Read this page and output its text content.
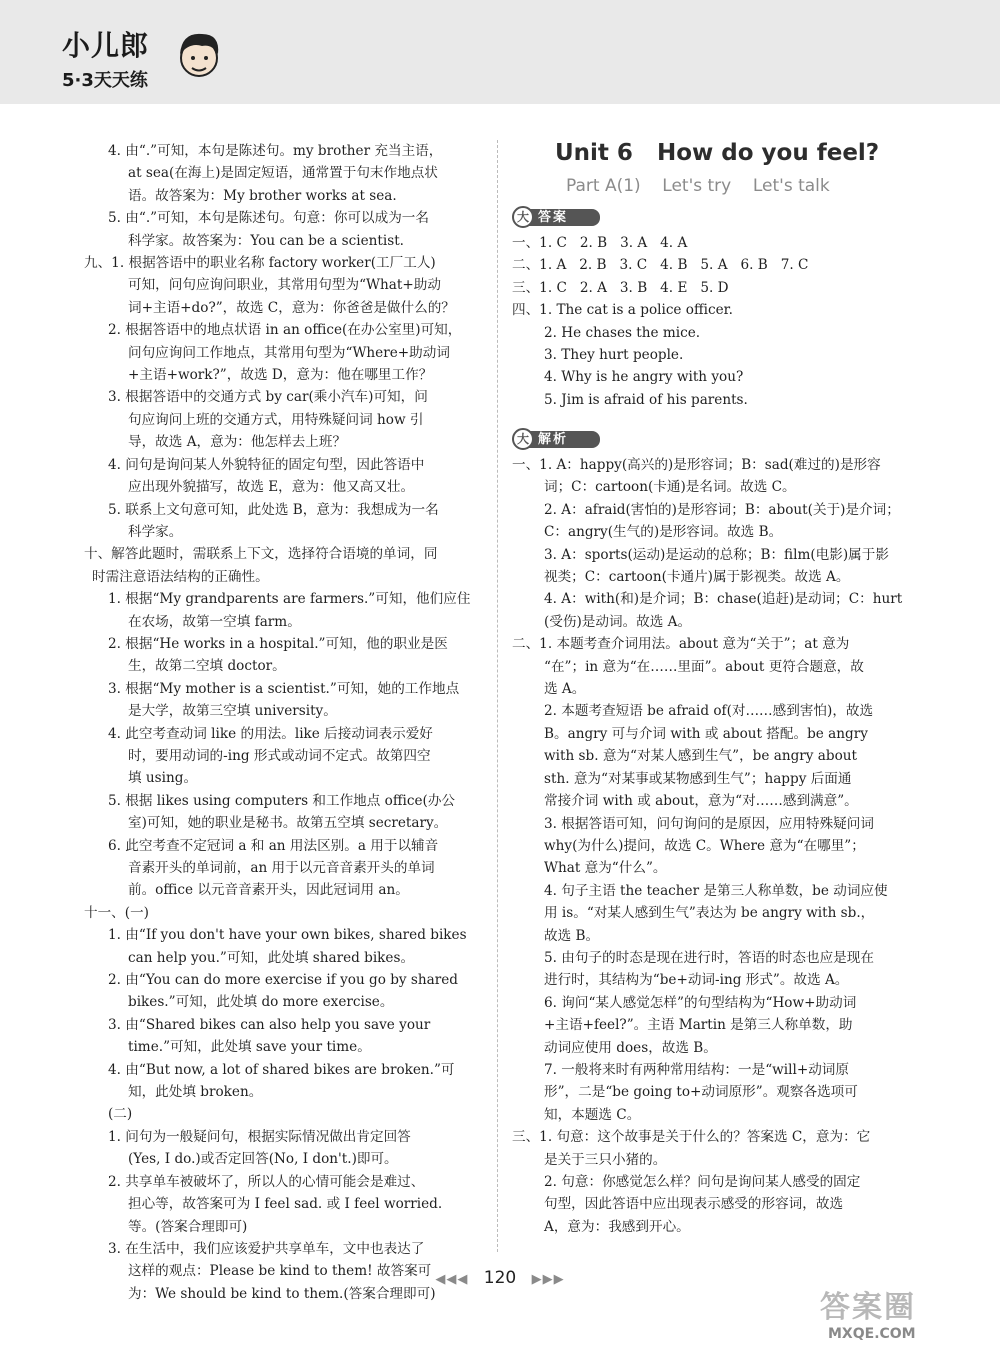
小儿郎
5·3天天练

4. 由“.”可知，本句是陈述句。my brother 充当主语，

at sea(在海上)是固定短语，通常置于句末作地点状

语。故答案为：My brother works at sea.

5. 由“.”可知，本句是陈述句。句意：你可以成为一名

科学家。故答案为：You can be a scientist.

九、1. 根据答语中的职业名称 factory worker(工厂工人)

可知，问句应询问职业，其常用句型为“What+助动

词+主语+do?”，故选 C，意为：你爸爸是做什么的？

2. 根据答语中的地点状语 in an office(在办公室里)可知，

问句应询问工作地点，其常用句型为“Where+助动词

+主语+work?”，故选 D，意为：他在哪里工作？

3. 根据答语中的交通方式 by car(乘小汽车)可知，问

句应询问上班的交通方式，用特殊疑问词 how 引

导，故选 A，意为：他怎样去上班？

4. 问句是询问某人外貌特征的固定句型，因此答语中

应出现外貌描写，故选 E，意为：他又高又壮。

5. 联系上文句意可知，此处选 B，意为：我想成为一名

科学家。

十、解答此题时，需联系上下文，选择符合语境的单词，同

时需注意语法结构的正确性。

1. 根据“My grandparents are farmers.”可知，他们应住

在农场，故第一空填 farm。

2. 根据“He works in a hospital.”可知，他的职业是医

生，故第二空填 doctor。

3. 根据“My mother is a scientist.”可知，她的工作地点

是大学，故第三空填 university。

4. 此空考查动词 like 的用法。like 后接动词表示爱好

时，要用动词的-ing 形式或动词不定式。故第四空

填 using。

5. 根据 likes using computers 和工作地点 office(办公

室)可知，她的职业是秘书。故第五空填 secretary。

6. 此空考查不定冠词 a 和 an 用法区别。a 用于以辅音

音素开头的单词前，an 用于以元音音素开头的单词

前。office 以元音音素开头，因此冠词用 an。

十一、(一)

1. 由“If you don't have your own bikes, shared bikes

can help you.”可知，此处填 shared bikes。

2. 由“You can do more exercise if you go by shared

bikes.”可知，此处填 do more exercise。

3. 由“Shared bikes can also help you save your

time.”可知，此处填 save your time。

4. 由“But now, a lot of shared bikes are broken.”可

知，此处填 broken。

(二)

1. 问句为一般疑问句，根据实际情况做出肯定回答

(Yes, I do.)或否定回答(No, I don't.)即可。

2. 共享单车被破坏了，所以人的心情可能会是难过、

担心等，故答案可为 I feel sad. 或 I feel worried.

等。(答案合理即可)

3. 在生活中，我们应该爱护共享单车，文中也表达了

这样的观点：Please be kind to them! 故答案可

为：We should be kind to them.(答案合理即可)

Unit 6   How do you feel?
Part A(1)    Let's try    Let's talk
大 答案

一、1. C   2. B   3. A   4. A

二、1. A   2. B   3. C   4. B   5. A   6. B   7. C

三、1. C   2. A   3. B   4. E   5. D

四、1. The cat is a police officer.

2. He chases the mice.

3. They hurt people.

4. Why is he angry with you?

5. Jim is afraid of his parents.

大 解析

一、1. A：happy(高兴的)是形容词；B：sad(难过的)是形容

词；C：cartoon(卡通)是名词。故选 C。

2. A：afraid(害怕的)是形容词；B：about(关于)是介词；

C：angry(生气的)是形容词。故选 B。

3. A：sports(运动)是运动的总称；B：film(电影)属于影

视类；C：cartoon(卡通片)属于影视类。故选 A。

4. A：with(和)是介词；B：chase(追赶)是动词；C：hurt

(受伤)是动词。故选 A。

二、1. 本题考查介词用法。about 意为“关于”；at 意为

“在”；in 意为“在……里面”。about 更符合题意，故

选 A。

2. 本题考查短语 be afraid of(对……感到害怕)，故选

B。angry 可与介词 with 或 about 搭配。be angry

with sb. 意为“对某人感到生气”，be angry about

sth. 意为“对某事或某物感到生气”；happy 后面通

常接介词 with 或 about，意为“对……感到满意”。

3. 根据答语可知，问句询问的是原因，应用特殊疑问词

why(为什么)提问，故选 C。Where 意为“在哪里”；

What 意为“什么”。

4. 句子主语 the teacher 是第三人称单数，be 动词应使

用 is。“对某人感到生气”表达为 be angry with sb.，

故选 B。

5. 由句子的时态是现在进行时，答语的时态也应是现在

进行时，其结构为“be+动词-ing 形式”。故选 A。

6. 询问“某人感觉怎样”的句型结构为“How+助动词

+主语+feel?”。主语 Martin 是第三人称单数，助

动词应使用 does，故选 B。

7. 一般将来时有两种常用结构：一是“will+动词原

形”，二是“be going to+动词原形”。观察各选项可

知，本题选 C。

三、1. 句意：这个故事是关于什么的？答案选 C，意为：它

是关于三只小猪的。

2. 句意：你感觉怎么样？问句是询问某人感受的固定

句型，因此答语中应出现表示感受的形容词，故选

A，意为：我感到开心。

◀◀◀ 120 ▶▶▶
答案圈
MXQE.COM
